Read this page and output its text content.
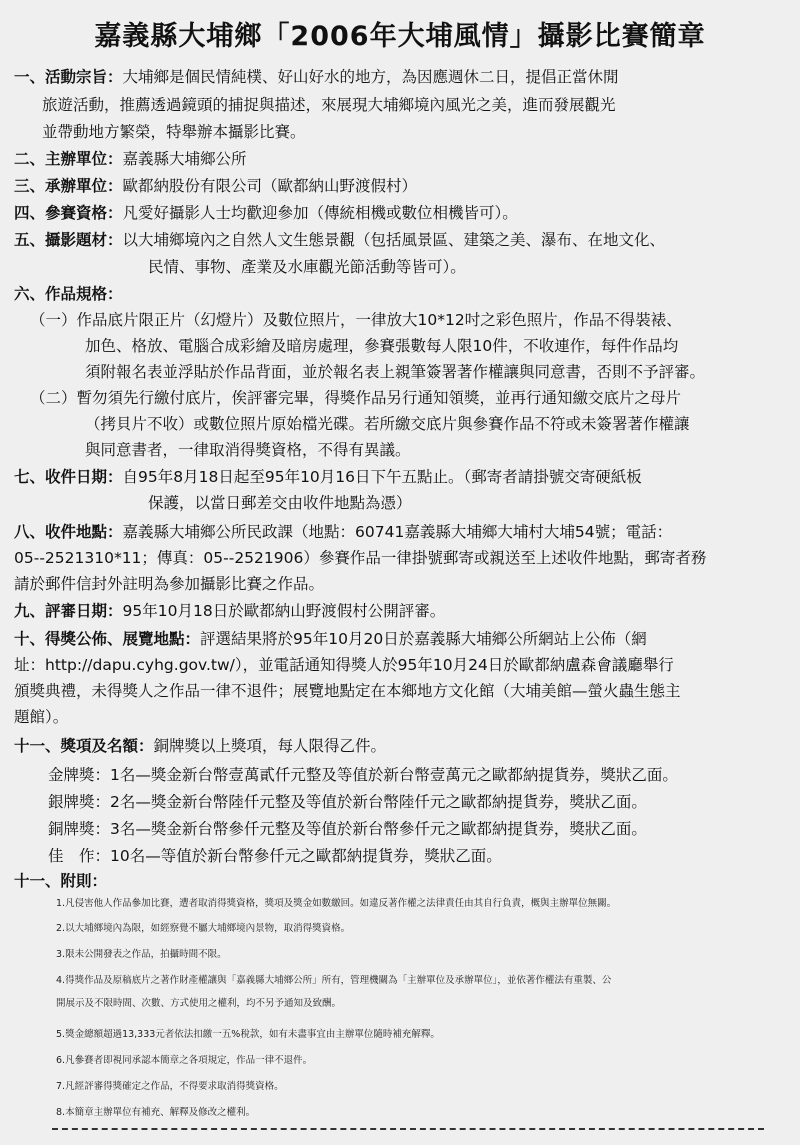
嘉義縣大埔鄉「2006年大埔風情」攝影比賽簡章
一、活動宗旨：大埔鄉是個民情純樸、好山好水的地方，為因應週休二日，提倡正當休閒
旅遊活動，推薦透過鏡頭的捕捉與描述，來展現大埔鄉境內風光之美，進而發展觀光
並帶動地方繁榮，特舉辦本攝影比賽。
二、主辦單位：嘉義縣大埔鄉公所
三、承辦單位：歐都納股份有限公司（歐都納山野渡假村）
四、參賽資格：凡愛好攝影人士均歡迎參加（傳統相機或數位相機皆可）。
五、攝影題材：以大埔鄉境內之自然人文生態景觀（包括風景區、建築之美、瀑布、在地文化、
民情、事物、產業及水庫觀光節活動等皆可）。
六、作品規格：
（一）作品底片限正片（幻燈片）及數位照片，一律放大10*12吋之彩色照片，作品不得裝裱、
加色、格放、電腦合成彩繪及暗房處理，參賽張數每人限10件，不收連作，每件作品均
須附報名表並浮貼於作品背面，並於報名表上親筆簽署著作權讓與同意書，否則不予評審。
（二）暫勿須先行繳付底片，俟評審完畢，得獎作品另行通知領獎，並再行通知繳交底片之母片
（拷貝片不收）或數位照片原始檔光碟。若所繳交底片與參賽作品不符或未簽署著作權讓
與同意書者，一律取消得獎資格，不得有異議。
七、收件日期：自95年8月18日起至95年10月16日下午五點止。（郵寄者請掛號交寄硬紙板
保護，以當日郵差交由收件地點為憑）
八、收件地點：嘉義縣大埔鄉公所民政課（地點：60741嘉義縣大埔鄉大埔村大埔54號；電話：
05--2521310*11；傳真：05--2521906）參賽作品一律掛號郵寄或親送至上述收件地點，郵寄者務
請於郵件信封外註明為參加攝影比賽之作品。
九、評審日期：95年10月18日於歐都納山野渡假村公開評審。
十、得獎公佈、展覽地點：評選結果將於95年10月20日於嘉義縣大埔鄉公所網站上公佈（網
址：http://dapu.cyhg.gov.tw/），並電話通知得獎人於95年10月24日於歐都納盧森會議廳舉行
頒獎典禮，未得獎人之作品一律不退件；展覽地點定在本鄉地方文化館（大埔美館—螢火蟲生態主
題館）。
十一、獎項及名額：銅牌獎以上獎項，每人限得乙件。
金牌獎：1名—獎金新台幣壹萬貳仟元整及等值於新台幣壹萬元之歐都納提貨券，獎狀乙面。
銀牌獎：2名—獎金新台幣陸仟元整及等值於新台幣陸仟元之歐都納提貨券，獎狀乙面。
銅牌獎：3名—獎金新台幣參仟元整及等值於新台幣參仟元之歐都納提貨券，獎狀乙面。
佳　作：10名—等值於新台幣參仟元之歐都納提貨券，獎狀乙面。
十一、附則：
1.凡侵害他人作品參加比賽，遭者取消得獎資格，獎項及獎金如數繳回。如違反著作權之法律責任由其自行負責，概與主辦單位無關。
2.以大埔鄉境內為限，如經察覺不屬大埔鄉境內景物，取消得獎資格。
3.限未公開發表之作品，拍攝時間不限。
4.得獎作品及原稿底片之著作財產權讓與「嘉義縣大埔鄉公所」所有，管理機關為「主辦單位及承辦單位」，並依著作權法有重製、公
開展示及不限時間、次數、方式使用之權利，均不另予通知及致酬。
5.獎金總額超過13,333元者依法扣繳一五%稅款，如有未盡事宜由主辦單位隨時補充解釋。
6.凡參賽者即視同承認本簡章之各項規定，作品一律不退件。
7.凡經評審得獎確定之作品，不得要求取消得獎資格。
8.本簡章主辦單位有補充、解釋及修改之權利。
